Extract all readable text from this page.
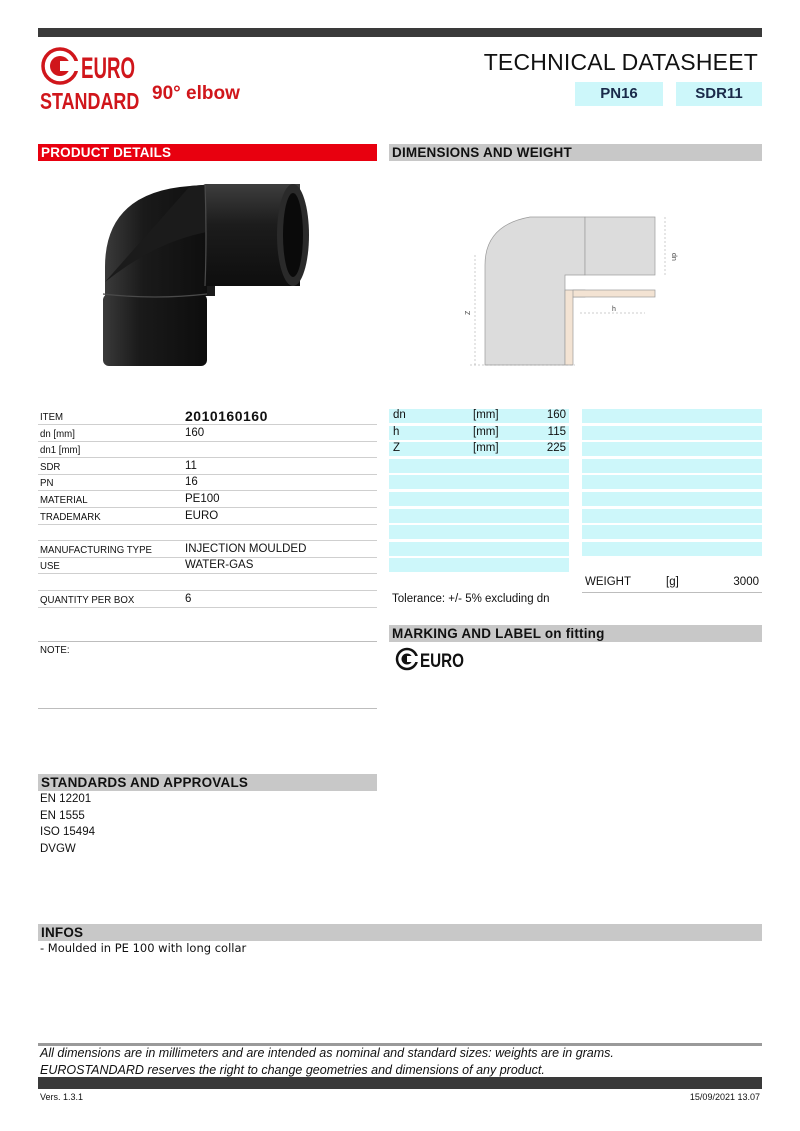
EURO
STANDARD 90° elbow
TECHNICAL DATASHEET
PN16	SDR11
PRODUCT DETAILS	DIMENSIONS AND WEIGHT
Z
dn
h
ITEM	2010160160
dn [mm]	160
dn1 [mm]
SDR	11
PN	16
MATERIAL	PE100
TRADEMARK	EURO
MANUFACTURING TYPE	INJECTION MOULDED
USE	WATER-GAS
QUANTITY PER BOX	6
dn	[mm]	160
h	[mm]	115
Z	[mm]	225
WEIGHT	[g]	3000
Tolerance: +/- 5% excluding dn
MARKING AND LABEL on fitting
EURO
NOTE:
STANDARDS AND APPROVALS
EN 12201
EN 1555
ISO 15494
DVGW
INFOS
- Moulded in PE 100 with long collar
All dimensions are in millimeters and are intended as nominal and standard sizes: weights are in grams.
EUROSTANDARD reserves the right to change geometries and dimensions of any product.
Vers. 1.3.1	15/09/2021 13.07
